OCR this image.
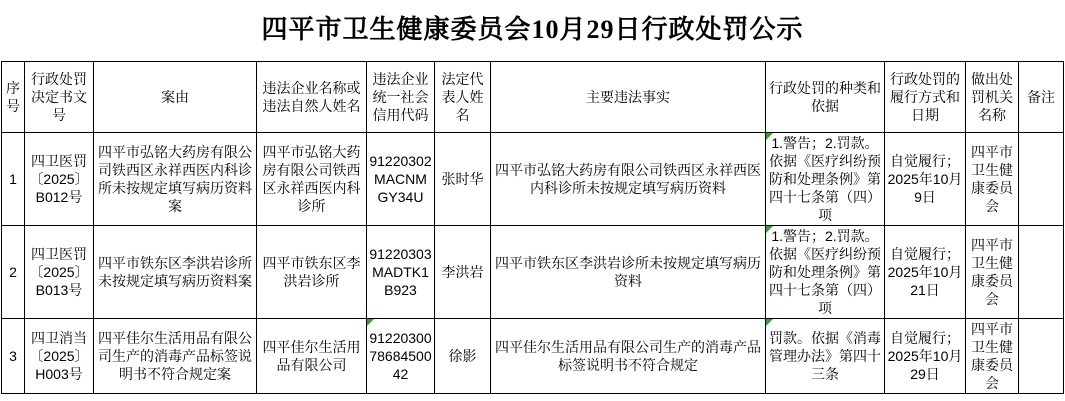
四平市卫生健康委员会10月29日行政处罚公示
序号	行政处罚决定书文号	案由	违法企业名称或违法自然人姓名	违法企业统一社会信用代码	法定代表人姓名	主要违法事实	行政处罚的种类和依据	行政处罚的履行方式和日期	做出处罚机关名称	备注
1	四卫医罚〔2025〕B012号	四平市弘铭大药房有限公司铁西区永祥西医内科诊所未按规定填写病历资料案	四平市弘铭大药房有限公司铁西区永祥西医内科诊所	91220302MACNMGY34U	张时华	四平市弘铭大药房有限公司铁西区永祥西医内科诊所未按规定填写病历资料	1.警告；2.罚款。依据《医疗纠纷预防和处理条例》第四十七条第（四）项	自觉履行；2025年10月9日	四平市卫生健康委员会	
2	四卫医罚〔2025〕B013号	四平市铁东区李洪岩诊所未按规定填写病历资料案	四平市铁东区李洪岩诊所	91220303MADTK1B923	李洪岩	四平市铁东区李洪岩诊所未按规定填写病历资料	1.警告；2.罚款。依据《医疗纠纷预防和处理条例》第四十七条第（四）项	自觉履行；2025年10月21日	四平市卫生健康委员会	
3	四卫消当〔2025〕H003号	四平佳尔生活用品有限公司生产的消毒产品标签说明书不符合规定案	四平佳尔生活用品有限公司	912203007868450042	徐影	四平佳尔生活用品有限公司生产的消毒产品标签说明书不符合规定	罚款。依据《消毒管理办法》第四十三条	自觉履行；2025年10月29日	四平市卫生健康委员会	
